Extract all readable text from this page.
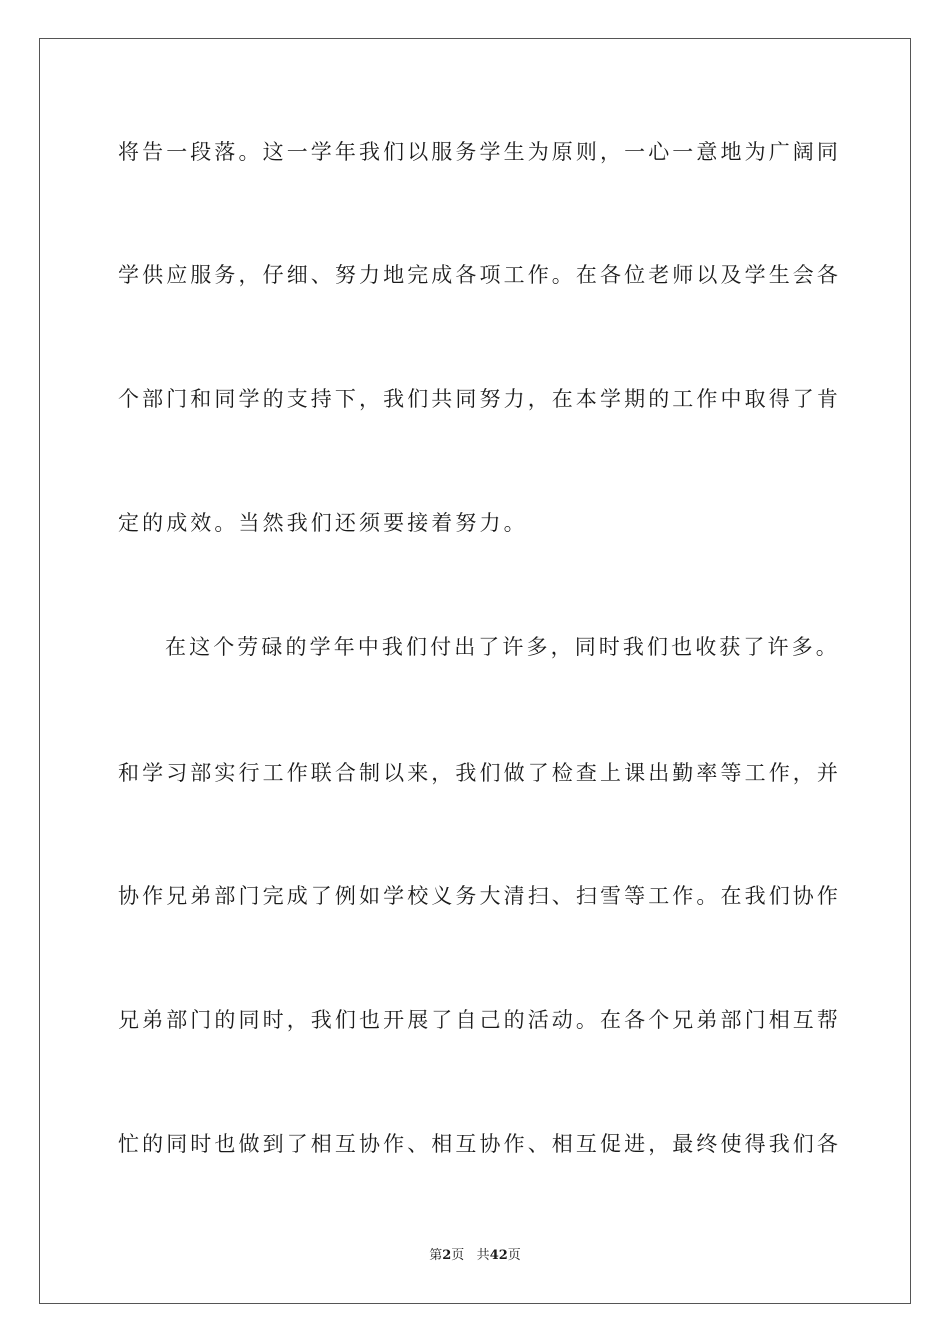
将告一段落。这一学年我们以服务学生为原则，一心一意地为广阔同
学供应服务，仔细、努力地完成各项工作。在各位老师以及学生会各
个部门和同学的支持下，我们共同努力，在本学期的工作中取得了肯
定的成效。当然我们还须要接着努力。
在这个劳碌的学年中我们付出了许多，同时我们也收获了许多。
和学习部实行工作联合制以来，我们做了检查上课出勤率等工作，并
协作兄弟部门完成了例如学校义务大清扫、扫雪等工作。在我们协作
兄弟部门的同时，我们也开展了自己的活动。在各个兄弟部门相互帮
忙的同时也做到了相互协作、相互协作、相互促进，最终使得我们各
第2页 共42页
